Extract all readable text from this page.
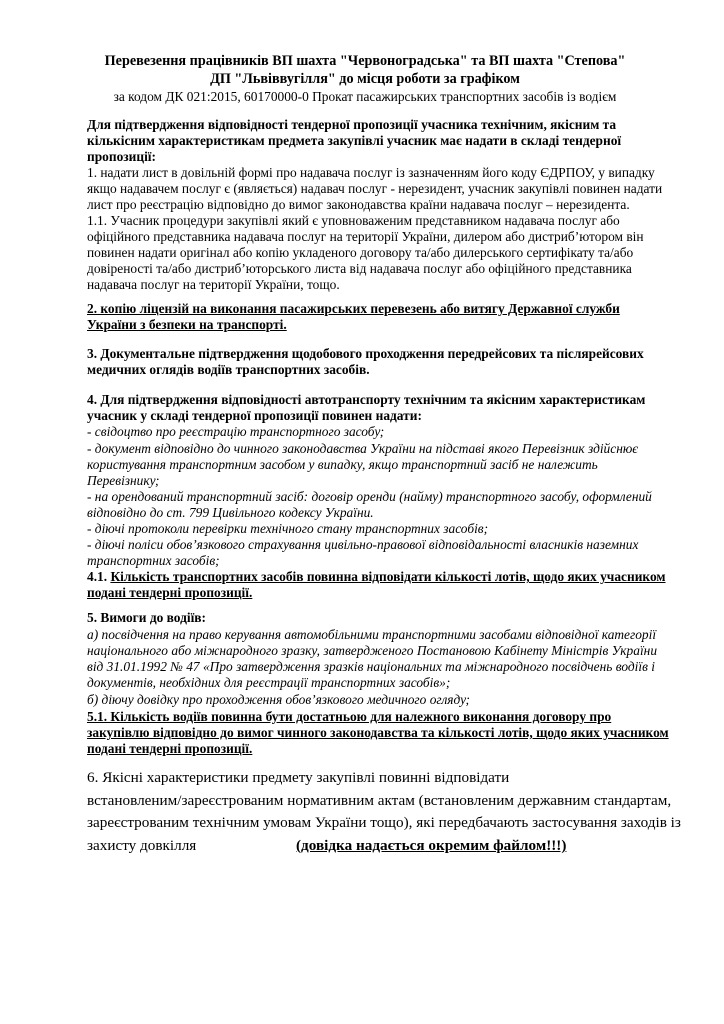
Перевезення працівників ВП шахта "Червоноградська" та ВП шахта "Степова"
ДП "Львіввугілля" до місця роботи за графіком
за кодом ДК 021:2015, 60170000-0 Прокат пасажирських транспортних засобів із водієм
Для підтвердження відповідності тендерної пропозиції учасника технічним, якісним та
кількісним характеристикам предмета закупівлі учасник має надати в складі тендерної
пропозиції:
1. надати лист в довільній формі про надавача послуг із зазначенням його коду ЄДРПОУ, у випадку
якщо надавачем послуг є (являється) надавач послуг - нерезидент, учасник закупівлі повинен надати
лист про реєстрацію відповідно до вимог законодавства країни надавача послуг – нерезидента.
1.1. Учасник процедури закупівлі який є уповноваженим представником надавача послуг або
офіційного представника надавача послуг на території України, дилером або дистриб’ютором він
повинен надати оригінал або копію укладеного договору та/або дилерського сертифікату та/або
довіреності та/або дистриб’юторського листа від надавача послуг або офіційного представника
надавача послуг на території України, тощо.
2. копію ліцензій на виконання пасажирських перевезень або витягу Державної служби
України з безпеки на транспорті.
3. Документальне підтвердження щодобового проходження передрейсових та післярейсових
медичних оглядів водіїв транспортних засобів.
4. Для підтвердження відповідності автотранспорту технічним та якісним характеристикам
учасник у складі тендерної пропозиції повинен надати:
- свідоцтво про реєстрацію транспортного засобу;
- документ відповідно до чинного законодавства України на підставі якого Перевізник здійснює
користування транспортним засобом у випадку, якщо транспортний засіб не належить
Перевізнику;
- на орендований транспортний засіб: договір оренди (найму) транспортного засобу, оформлений
відповідно до ст. 799 Цивільного кодексу України.
- діючі протоколи перевірки технічного стану транспортних засобів;
- діючі поліси обов’язкового страхування цивільно-правової відповідальності власників наземних
транспортних засобів;
4.1. Кількість транспортних засобів повинна відповідати кількості лотів, щодо яких учасником
подані тендерні пропозиції.
5. Вимоги до водіїв:
а) посвідчення на право керування автомобільними транспортними засобами відповідної категорії
національного або міжнародного зразку, затвердженого Постановою Кабінету Міністрів України
від 31.01.1992 № 47 «Про затвердження зразків національних та міжнародного посвідчень водіїв і
документів, необхідних для реєстрації транспортних засобів»;
б) діючу довідку про проходження обов’язкового медичного огляду;
5.1. Кількість водіїв повинна бути достатньою для належного виконання договору про
закупівлю відповідно до вимог чинного законодавства та кількості лотів, щодо яких учасником
подані тендерні пропозиції.
6. Якісні характеристики предмету закупівлі повинні відповідати
встановленим/зареєстрованим нормативним актам (встановленим державним стандартам,
зареєстрованим технічним умовам України тощо), які передбачають застосування заходів із
захисту довкілля	(довідка надається окремим файлом!!!)
